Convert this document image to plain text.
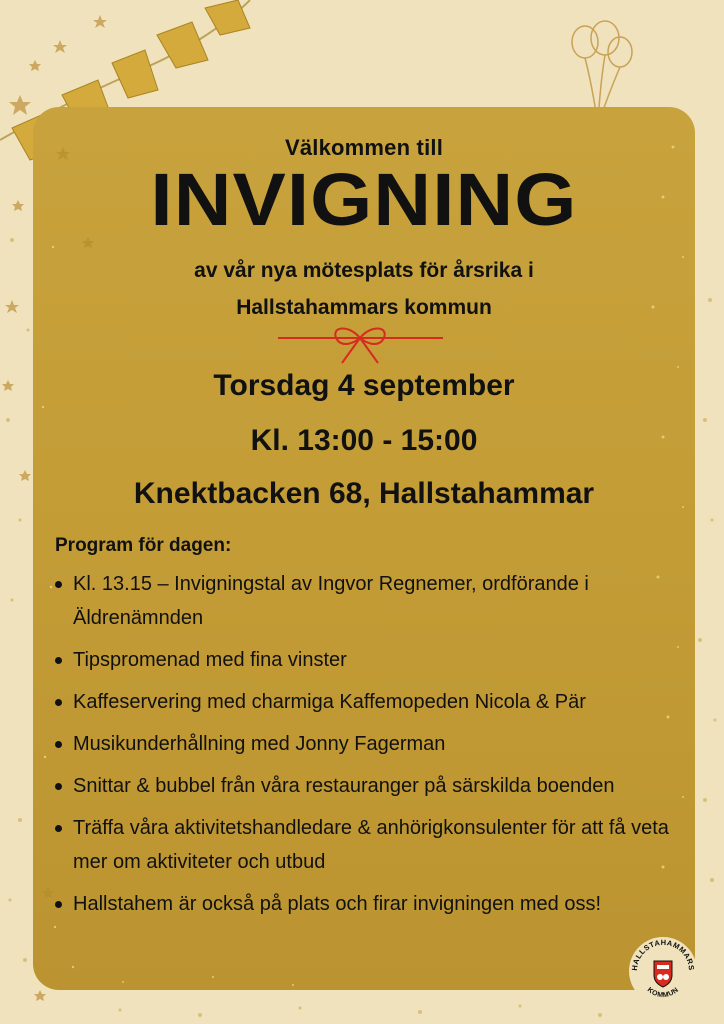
Välkommen till
INVIGNING
av vår nya mötesplats för årsrika i
Hallstahammars kommun
Torsdag 4 september
Kl. 13:00 - 15:00
Knektbacken 68, Hallstahammar
Program för dagen:
Kl. 13.15 – Invigningstal av Ingvor Regnemer, ordförande i Äldrenämnden
Tipspromenad med fina vinster
Kaffeservering med charmiga Kaffemopeden Nicola & Pär
Musikunderhållning med Jonny Fagerman
Snittar & bubbel från våra restauranger på särskilda boenden
Träffa våra aktivitetshandledare & anhörigkonsulenter för att få veta mer om aktiviteter och utbud
Hallstahem är också på plats och firar invigningen med oss!
HALLSTAHAMMARS
KOMMUN
